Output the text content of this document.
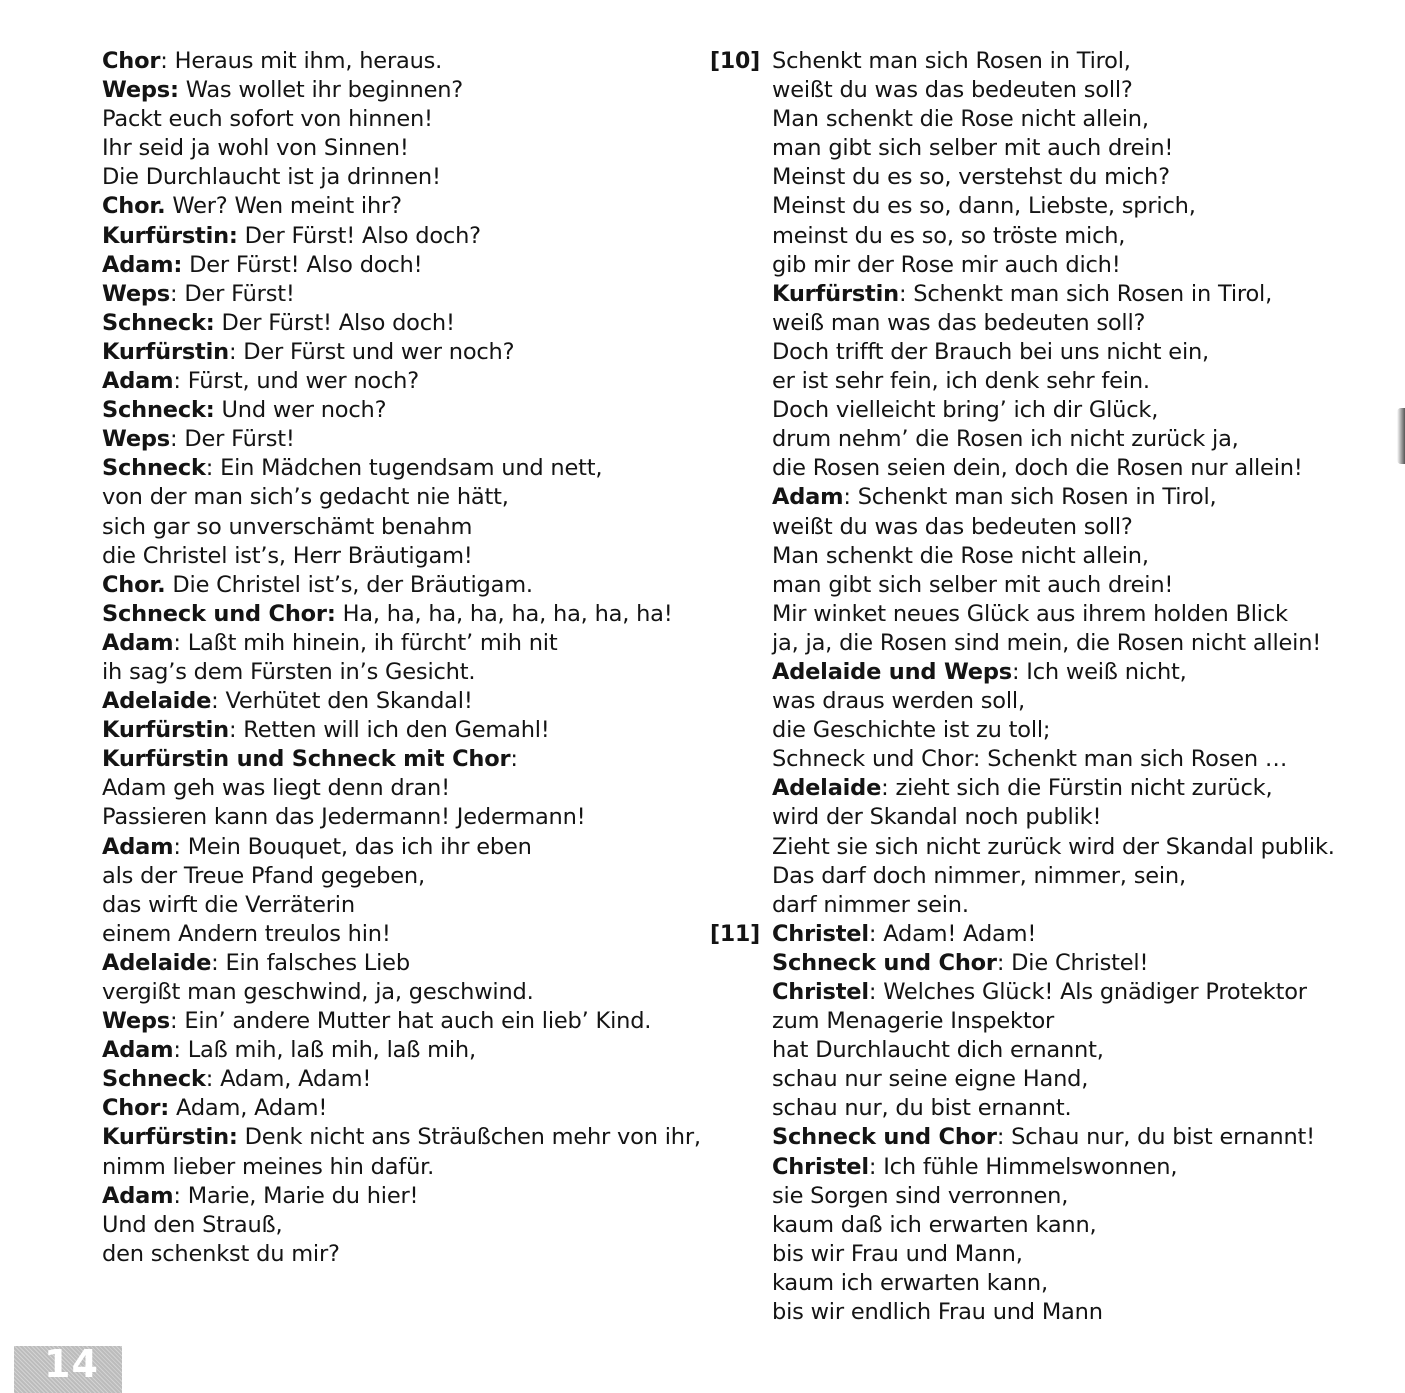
Chor: Heraus mit ihm, heraus.
Weps: Was wollet ihr beginnen?
Packt euch sofort von hinnen!
Ihr seid ja wohl von Sinnen!
Die Durchlaucht ist ja drinnen!
Chor. Wer? Wen meint ihr?
Kurfürstin: Der Fürst! Also doch?
Adam: Der Fürst! Also doch!
Weps: Der Fürst!
Schneck: Der Fürst! Also doch!
Kurfürstin: Der Fürst und wer noch?
Adam: Fürst, und wer noch?
Schneck: Und wer noch?
Weps: Der Fürst!
Schneck: Ein Mädchen tugendsam und nett,
von der man sich’s gedacht nie hätt,
sich gar so unverschämt benahm
die Christel ist’s, Herr Bräutigam!
Chor. Die Christel ist’s, der Bräutigam.
Schneck und Chor: Ha, ha, ha, ha, ha, ha, ha, ha!
Adam: Laßt mih hinein, ih fürcht’ mih nit
ih sag’s dem Fürsten in’s Gesicht.
Adelaide: Verhütet den Skandal!
Kurfürstin: Retten will ich den Gemahl!
Kurfürstin und Schneck mit Chor:
Adam geh was liegt denn dran!
Passieren kann das Jedermann! Jedermann!
Adam: Mein Bouquet, das ich ihr eben
als der Treue Pfand gegeben,
das wirft die Verräterin
einem Andern treulos hin!
Adelaide: Ein falsches Lieb
vergißt man geschwind, ja, geschwind.
Weps: Ein’ andere Mutter hat auch ein lieb’ Kind.
Adam: Laß mih, laß mih, laß mih,
Schneck: Adam, Adam!
Chor: Adam, Adam!
Kurfürstin: Denk nicht ans Sträußchen mehr von ihr,
nimm lieber meines hin dafür.
Adam: Marie, Marie du hier!
Und den Strauß,
den schenkst du mir?
[10] Schenkt man sich Rosen in Tirol,
weißt du was das bedeuten soll?
Man schenkt die Rose nicht allein,
man gibt sich selber mit auch drein!
Meinst du es so, verstehst du mich?
Meinst du es so, dann, Liebste, sprich,
meinst du es so, so tröste mich,
gib mir der Rose mir auch dich!
Kurfürstin: Schenkt man sich Rosen in Tirol,
weiß man was das bedeuten soll?
Doch trifft der Brauch bei uns nicht ein,
er ist sehr fein, ich denk sehr fein.
Doch vielleicht bring’ ich dir Glück,
drum nehm’ die Rosen ich nicht zurück ja,
die Rosen seien dein, doch die Rosen nur allein!
Adam: Schenkt man sich Rosen in Tirol,
weißt du was das bedeuten soll?
Man schenkt die Rose nicht allein,
man gibt sich selber mit auch drein!
Mir winket neues Glück aus ihrem holden Blick
ja, ja, die Rosen sind mein, die Rosen nicht allein!
Adelaide und Weps: Ich weiß nicht,
was draus werden soll,
die Geschichte ist zu toll;
Schneck und Chor: Schenkt man sich Rosen …
Adelaide: zieht sich die Fürstin nicht zurück,
wird der Skandal noch publik!
Zieht sie sich nicht zurück wird der Skandal publik.
Das darf doch nimmer, nimmer, sein,
darf nimmer sein.
[11] Christel: Adam! Adam!
Schneck und Chor: Die Christel!
Christel: Welches Glück! Als gnädiger Protektor
zum Menagerie Inspektor
hat Durchlaucht dich ernannt,
schau nur seine eigne Hand,
schau nur, du bist ernannt.
Schneck und Chor: Schau nur, du bist ernannt!
Christel: Ich fühle Himmelswonnen,
sie Sorgen sind verronnen,
kaum daß ich erwarten kann,
bis wir Frau und Mann,
kaum ich erwarten kann,
bis wir endlich Frau und Mann
14
